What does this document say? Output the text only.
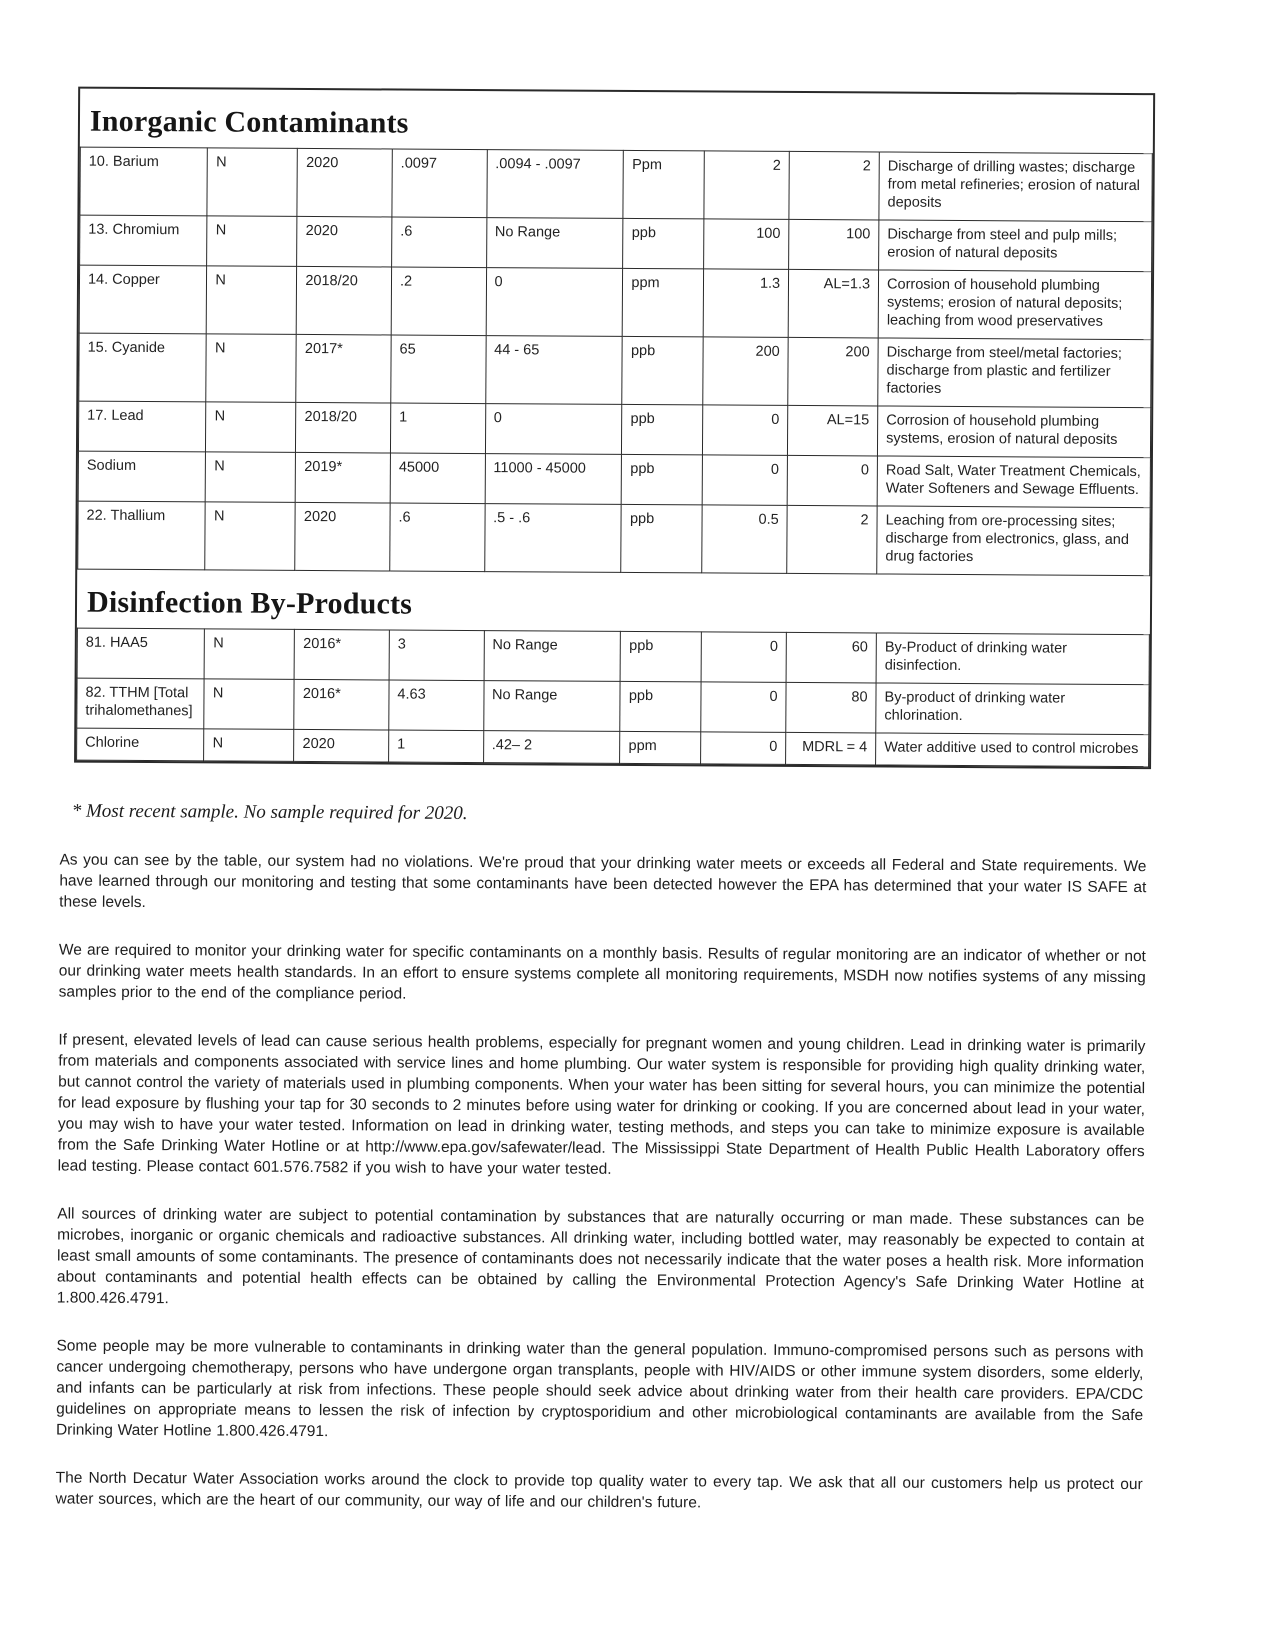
Inorganic Contaminants
10. Barium	N	2020	.0097	.0094 - .0097	Ppm	2	2	Discharge of drilling wastes; discharge from metal refineries; erosion of natural deposits
13. Chromium	N	2020	.6	No Range	ppb	100	100	Discharge from steel and pulp mills; erosion of natural deposits
14. Copper	N	2018/20	.2	0	ppm	1.3	AL=1.3	Corrosion of household plumbing systems; erosion of natural deposits; leaching from wood preservatives
15. Cyanide	N	2017*	65	44 - 65	ppb	200	200	Discharge from steel/metal factories; discharge from plastic and fertilizer factories
17. Lead	N	2018/20	1	0	ppb	0	AL=15	Corrosion of household plumbing systems, erosion of natural deposits
Sodium	N	2019*	45000	11000 - 45000	ppb	0	0	Road Salt, Water Treatment Chemicals, Water Softeners and Sewage Effluents.
22. Thallium	N	2020	.6	.5 - .6	ppb	0.5	2	Leaching from ore-processing sites; discharge from electronics, glass, and drug factories
Disinfection By-Products
81. HAA5	N	2016*	3	No Range	ppb	0	60	By-Product of drinking water disinfection.
82. TTHM [Total trihalomethanes]	N	2016*	4.63	No Range	ppb	0	80	By-product of drinking water chlorination.
Chlorine	N	2020	1	.42– 2	ppm	0	MDRL = 4	Water additive used to control microbes

* Most recent sample. No sample required for 2020.

As you can see by the table, our system had no violations. We're proud that your drinking water meets or exceeds all Federal and State requirements. We have learned through our monitoring and testing that some contaminants have been detected however the EPA has determined that your water IS SAFE at these levels.

We are required to monitor your drinking water for specific contaminants on a monthly basis. Results of regular monitoring are an indicator of whether or not our drinking water meets health standards. In an effort to ensure systems complete all monitoring requirements, MSDH now notifies systems of any missing samples prior to the end of the compliance period.

If present, elevated levels of lead can cause serious health problems, especially for pregnant women and young children. Lead in drinking water is primarily from materials and components associated with service lines and home plumbing. Our water system is responsible for providing high quality drinking water, but cannot control the variety of materials used in plumbing components. When your water has been sitting for several hours, you can minimize the potential for lead exposure by flushing your tap for 30 seconds to 2 minutes before using water for drinking or cooking. If you are concerned about lead in your water, you may wish to have your water tested. Information on lead in drinking water, testing methods, and steps you can take to minimize exposure is available from the Safe Drinking Water Hotline or at http://www.epa.gov/safewater/lead. The Mississippi State Department of Health Public Health Laboratory offers lead testing. Please contact 601.576.7582 if you wish to have your water tested.

All sources of drinking water are subject to potential contamination by substances that are naturally occurring or man made. These substances can be microbes, inorganic or organic chemicals and radioactive substances. All drinking water, including bottled water, may reasonably be expected to contain at least small amounts of some contaminants. The presence of contaminants does not necessarily indicate that the water poses a health risk. More information about contaminants and potential health effects can be obtained by calling the Environmental Protection Agency's Safe Drinking Water Hotline at 1.800.426.4791.

Some people may be more vulnerable to contaminants in drinking water than the general population. Immuno-compromised persons such as persons with cancer undergoing chemotherapy, persons who have undergone organ transplants, people with HIV/AIDS or other immune system disorders, some elderly, and infants can be particularly at risk from infections. These people should seek advice about drinking water from their health care providers. EPA/CDC guidelines on appropriate means to lessen the risk of infection by cryptosporidium and other microbiological contaminants are available from the Safe Drinking Water Hotline 1.800.426.4791.

The North Decatur Water Association works around the clock to provide top quality water to every tap. We ask that all our customers help us protect our water sources, which are the heart of our community, our way of life and our children's future.
